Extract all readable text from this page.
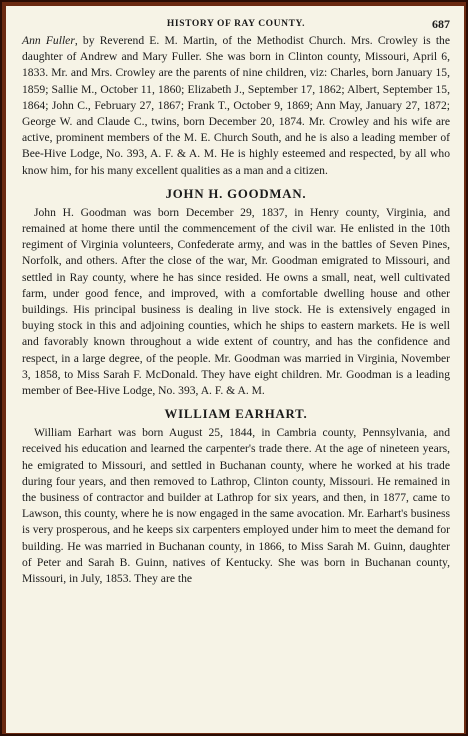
HISTORY OF RAY COUNTY.	687

Ann Fuller, by Reverend E. M. Martin, of the Methodist Church. Mrs. Crowley is the daughter of Andrew and Mary Fuller. She was born in Clinton county, Missouri, April 6, 1833. Mr. and Mrs. Crowley are the parents of nine children, viz: Charles, born January 15, 1859; Sallie M., October 11, 1860; Elizabeth J., September 17, 1862; Albert, September 15, 1864; John C., February 27, 1867; Frank T., October 9, 1869; Ann May, January 27, 1872; George W. and Claude C., twins, born December 20, 1874. Mr. Crowley and his wife are active, prominent members of the M. E. Church South, and he is also a leading member of Bee-Hive Lodge, No. 393, A. F. & A. M. He is highly esteemed and respected, by all who know him, for his many excellent qualities as a man and a citizen.

JOHN H. GOODMAN.

John H. Goodman was born December 29, 1837, in Henry county, Virginia, and remained at home there until the commencement of the civil war. He enlisted in the 10th regiment of Virginia volunteers, Confederate army, and was in the battles of Seven Pines, Norfolk, and others. After the close of the war, Mr. Goodman emigrated to Missouri, and settled in Ray county, where he has since resided. He owns a small, neat, well cultivated farm, under good fence, and improved, with a comfortable dwelling house and other buildings. His principal business is dealing in live stock. He is extensively engaged in buying stock in this and adjoining counties, which he ships to eastern markets. He is well and favorably known throughout a wide extent of country, and has the confidence and respect, in a large degree, of the people. Mr. Goodman was married in Virginia, November 3, 1858, to Miss Sarah F. McDonald. They have eight children. Mr. Goodman is a leading member of Bee-Hive Lodge, No. 393, A. F. & A. M.

WILLIAM EARHART.

William Earhart was born August 25, 1844, in Cambria county, Pennsylvania, and received his education and learned the carpenter's trade there. At the age of nineteen years, he emigrated to Missouri, and settled in Buchanan county, where he worked at his trade during four years, and then removed to Lathrop, Clinton county, Missouri. He remained in the business of contractor and builder at Lathrop for six years, and then, in 1877, came to Lawson, this county, where he is now engaged in the same avocation. Mr. Earhart's business is very prosperous, and he keeps six carpenters employed under him to meet the demand for building. He was married in Buchanan county, in 1866, to Miss Sarah M. Guinn, daughter of Peter and Sarah B. Guinn, natives of Kentucky. She was born in Buchanan county, Missouri, in July, 1853. They are the
